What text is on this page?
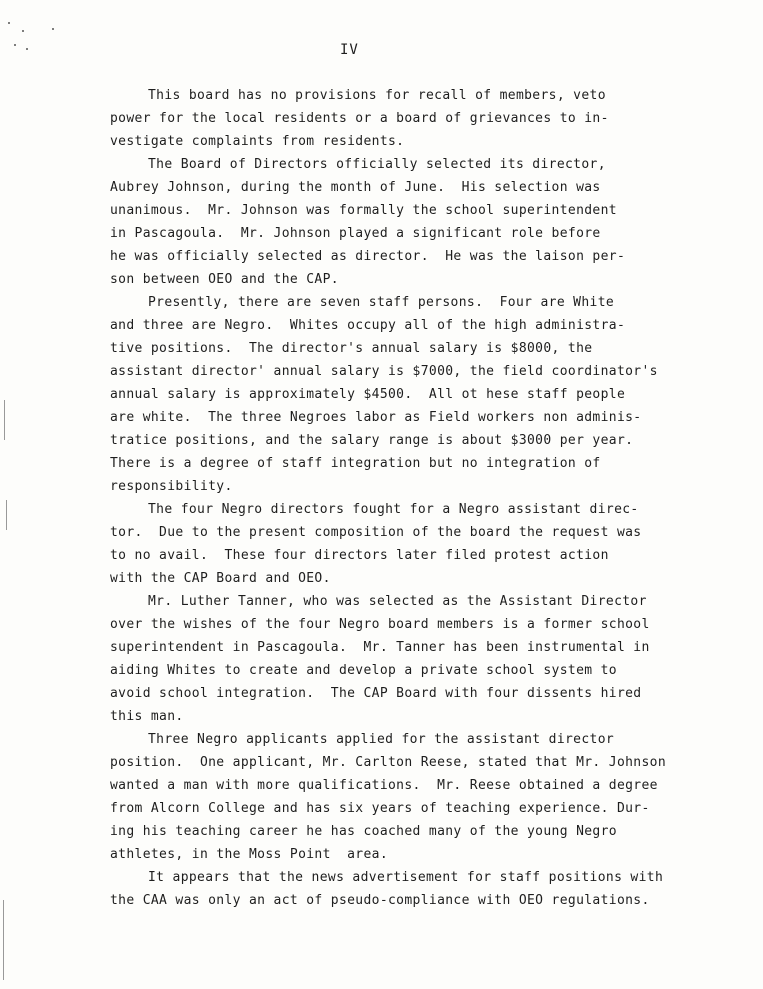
IV
This board has no provisions for recall of members, veto
power for the local residents or a board of grievances to in-
vestigate complaints from residents.
The Board of Directors officially selected its director,
Aubrey Johnson, during the month of June.  His selection was
unanimous.  Mr. Johnson was formally the school superintendent
in Pascagoula.  Mr. Johnson played a significant role before
he was officially selected as director.  He was the laison per-
son between OEO and the CAP.
Presently, there are seven staff persons.  Four are White
and three are Negro.  Whites occupy all of the high administra-
tive positions.  The director's annual salary is $8000, the
assistant director' annual salary is $7000, the field coordinator's
annual salary is approximately $4500.  All ot hese staff people
are white.  The three Negroes labor as Field workers non adminis-
tratice positions, and the salary range is about $3000 per year.
There is a degree of staff integration but no integration of
responsibility.
The four Negro directors fought for a Negro assistant direc-
tor.  Due to the present composition of the board the request was
to no avail.  These four directors later filed protest action
with the CAP Board and OEO.
Mr. Luther Tanner, who was selected as the Assistant Director
over the wishes of the four Negro board members is a former school
superintendent in Pascagoula.  Mr. Tanner has been instrumental in
aiding Whites to create and develop a private school system to
avoid school integration.  The CAP Board with four dissents hired
this man.
Three Negro applicants applied for the assistant director
position.  One applicant, Mr. Carlton Reese, stated that Mr. Johnson
wanted a man with more qualifications.  Mr. Reese obtained a degree
from Alcorn College and has six years of teaching experience. Dur-
ing his teaching career he has coached many of the young Negro
athletes, in the Moss Point  area.
It appears that the news advertisement for staff positions with
the CAA was only an act of pseudo-compliance with OEO regulations.
